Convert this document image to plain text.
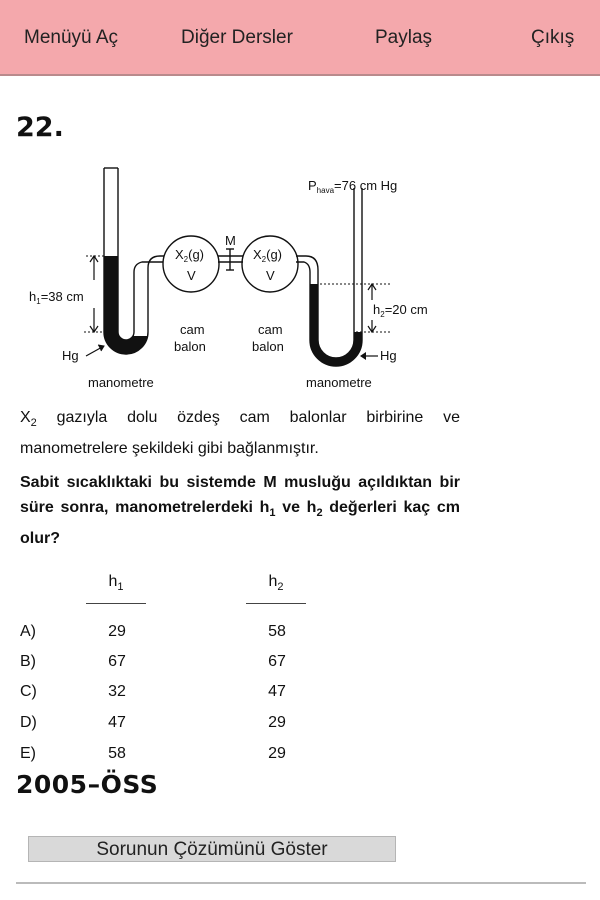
Menüyü Aç	Diğer Dersler	Paylaş	Çıkış
22.
$P_{hava}=76$ cm Hg
M
$h_1=38$ cm
$h_2=20$ cm
$X_2(g)$
V
$X_2(g)$
V
cam
balon
cam
balon
Hg	Hg
manometre	manometre
$X_2$ gazıyla dolu özdeş cam balonlar birbirine ve manometrelere şekildeki gibi bağlanmıştır.
Sabit sıcaklıktaki bu sistemde M musluğu açıldıktan bir süre sonra, manometrelerdeki $h_1$ ve $h_2$ değerleri kaç cm olur?
$h_1$	$h_2$
A)	29	58
B)	67	67
C)	32	47
D)	47	29
E)	58	29
2005–ÖSS
Sorunun Çözümünü Göster
